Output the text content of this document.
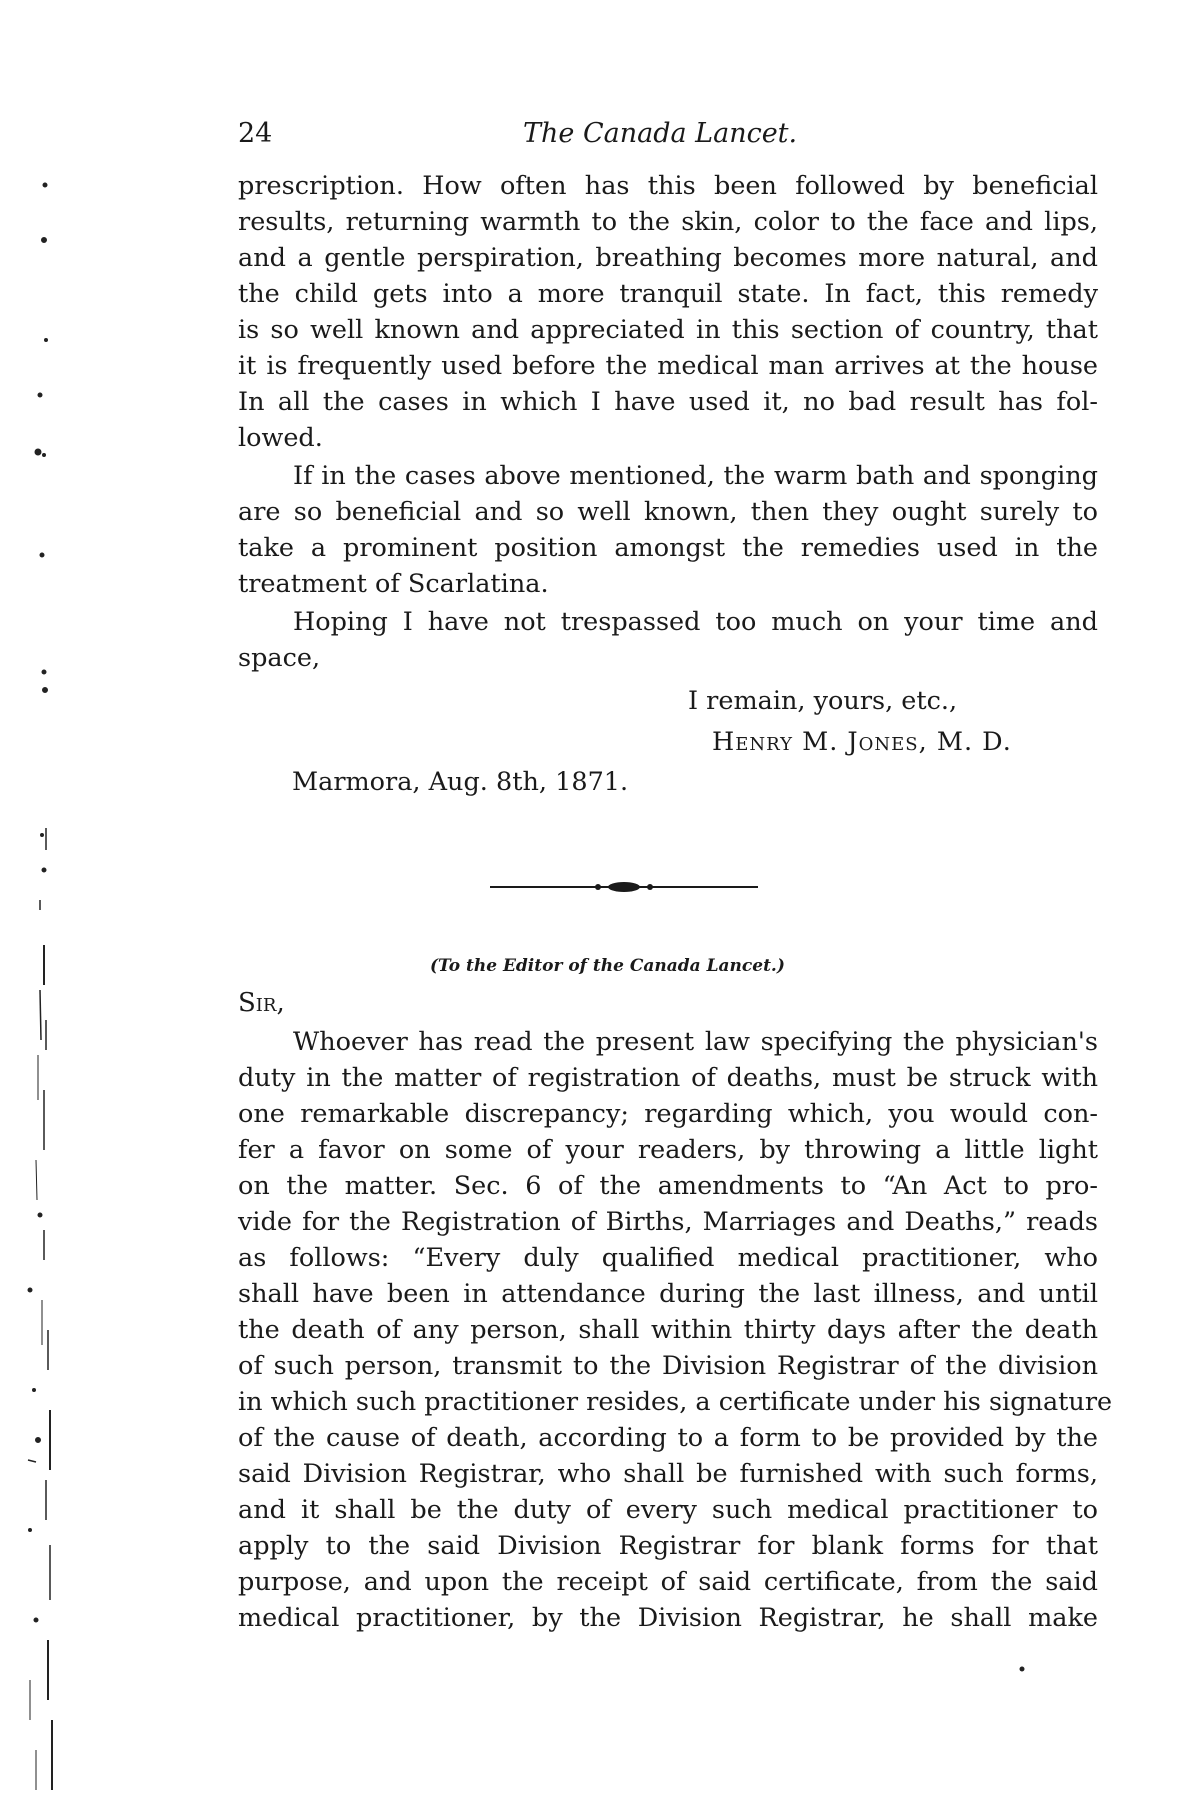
24	The Canada Lancet.
prescription. How often has this been followed by beneficial
results, returning warmth to the skin, color to the face and lips,
and a gentle perspiration, breathing becomes more natural, and
the child gets into a more tranquil state. In fact, this remedy
is so well known and appreciated in this section of country, that
it is frequently used before the medical man arrives at the house
In all the cases in which I have used it, no bad result has fol-
lowed.
If in the cases above mentioned, the warm bath and sponging
are so beneficial and so well known, then they ought surely to
take a prominent position amongst the remedies used in the
treatment of Scarlatina.
Hoping I have not trespassed too much on your time and
space,
I remain, yours, etc.,
Henry M. Jones, M. D.
Marmora, Aug. 8th, 1871.
(To the Editor of the Canada Lancet.)
Sir,
Whoever has read the present law specifying the physician's
duty in the matter of registration of deaths, must be struck with
one remarkable discrepancy; regarding which, you would con-
fer a favor on some of your readers, by throwing a little light
on the matter. Sec. 6 of the amendments to “An Act to pro-
vide for the Registration of Births, Marriages and Deaths,” reads
as follows: “Every duly qualified medical practitioner, who
shall have been in attendance during the last illness, and until
the death of any person, shall within thirty days after the death
of such person, transmit to the Division Registrar of the division
in which such practitioner resides, a certificate under his signature
of the cause of death, according to a form to be provided by the
said Division Registrar, who shall be furnished with such forms,
and it shall be the duty of every such medical practitioner to
apply to the said Division Registrar for blank forms for that
purpose, and upon the receipt of said certificate, from the said
medical practitioner, by the Division Registrar, he shall make
